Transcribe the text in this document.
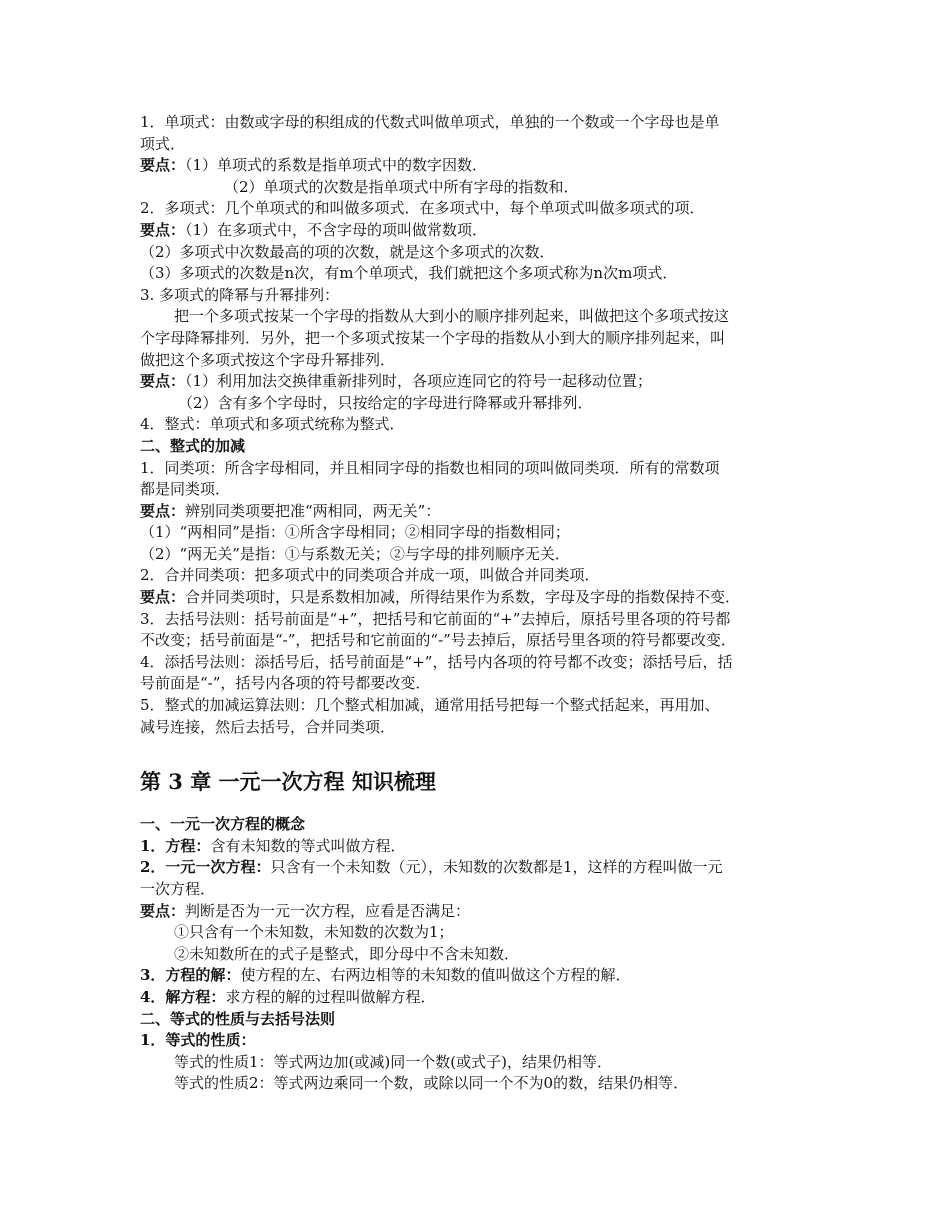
1．单项式：由数或字母的积组成的代数式叫做单项式，单独的一个数或一个字母也是单
项式．
要点：（1）单项式的系数是指单项式中的数字因数．
（2）单项式的次数是指单项式中所有字母的指数和．
2．多项式：几个单项式的和叫做多项式．在多项式中，每个单项式叫做多项式的项．
要点：（1）在多项式中，不含字母的项叫做常数项．
（2）多项式中次数最高的项的次数，就是这个多项式的次数．
（3）多项式的次数是n次，有m个单项式，我们就把这个多项式称为n次m项式．
3. 多项式的降幂与升幂排列：
把一个多项式按某一个字母的指数从大到小的顺序排列起来，叫做把这个多项式按这
个字母降幂排列．另外，把一个多项式按某一个字母的指数从小到大的顺序排列起来，叫
做把这个多项式按这个字母升幂排列．
要点：（1）利用加法交换律重新排列时，各项应连同它的符号一起移动位置；
（2）含有多个字母时，只按给定的字母进行降幂或升幂排列．
4．整式：单项式和多项式统称为整式．
二、整式的加减
1．同类项：所含字母相同，并且相同字母的指数也相同的项叫做同类项．所有的常数项
都是同类项．
要点：辨别同类项要把准“两相同，两无关”：
（1）“两相同”是指：①所含字母相同；②相同字母的指数相同；
（2）“两无关”是指：①与系数无关；②与字母的排列顺序无关．
2．合并同类项：把多项式中的同类项合并成一项，叫做合并同类项．
要点：合并同类项时，只是系数相加减，所得结果作为系数，字母及字母的指数保持不变．
3．去括号法则：括号前面是“+”，把括号和它前面的“+”去掉后，原括号里各项的符号都
不改变；括号前面是“-”，把括号和它前面的“-”号去掉后，原括号里各项的符号都要改变．
4．添括号法则：添括号后，括号前面是“+”，括号内各项的符号都不改变；添括号后，括
号前面是“-”，括号内各项的符号都要改变．
5．整式的加减运算法则：几个整式相加减，通常用括号把每一个整式括起来，再用加、
减号连接，然后去括号，合并同类项．
第 3 章 一元一次方程 知识梳理
一、一元一次方程的概念
1．方程：含有未知数的等式叫做方程．
2．一元一次方程：只含有一个未知数（元），未知数的次数都是1，这样的方程叫做一元
一次方程．
要点：判断是否为一元一次方程，应看是否满足：
①只含有一个未知数，未知数的次数为1；
②未知数所在的式子是整式，即分母中不含未知数．
3．方程的解：使方程的左、右两边相等的未知数的值叫做这个方程的解．
4．解方程：求方程的解的过程叫做解方程．
二、等式的性质与去括号法则
1．等式的性质：
等式的性质1：等式两边加(或减)同一个数(或式子)，结果仍相等．
等式的性质2：等式两边乘同一个数，或除以同一个不为0的数，结果仍相等．
